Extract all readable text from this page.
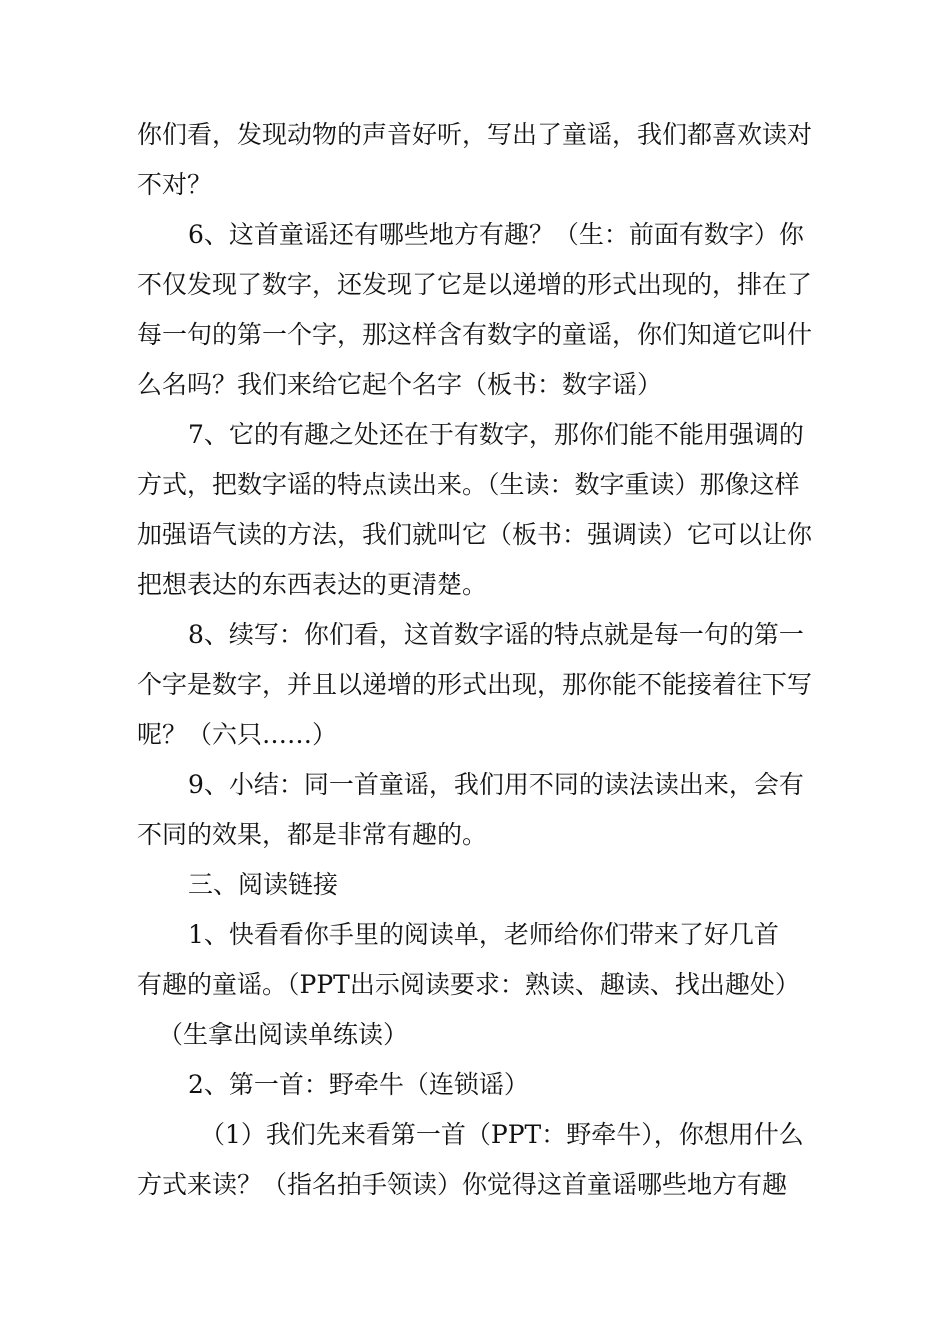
你们看，发现动物的声音好听，写出了童谣，我们都喜欢读对
不对？
6、这首童谣还有哪些地方有趣？（生：前面有数字）你
不仅发现了数字，还发现了它是以递增的形式出现的，排在了
每一句的第一个字，那这样含有数字的童谣，你们知道它叫什
么名吗？我们来给它起个名字（板书：数字谣）
7、它的有趣之处还在于有数字，那你们能不能用强调的
方式，把数字谣的特点读出来。（生读：数字重读）那像这样
加强语气读的方法，我们就叫它（板书：强调读）它可以让你
把想表达的东西表达的更清楚。
8、续写：你们看，这首数字谣的特点就是每一句的第一
个字是数字，并且以递增的形式出现，那你能不能接着往下写
呢？（六只……）
9、小结：同一首童谣，我们用不同的读法读出来，会有
不同的效果，都是非常有趣的。
三、阅读链接
1、快看看你手里的阅读单，老师给你们带来了好几首
有趣的童谣。（PPT出示阅读要求：熟读、趣读、找出趣处）
（生拿出阅读单练读）
2、第一首：野牵牛（连锁谣）
（1）我们先来看第一首（PPT：野牵牛），你想用什么
方式来读？（指名拍手领读）你觉得这首童谣哪些地方有趣
